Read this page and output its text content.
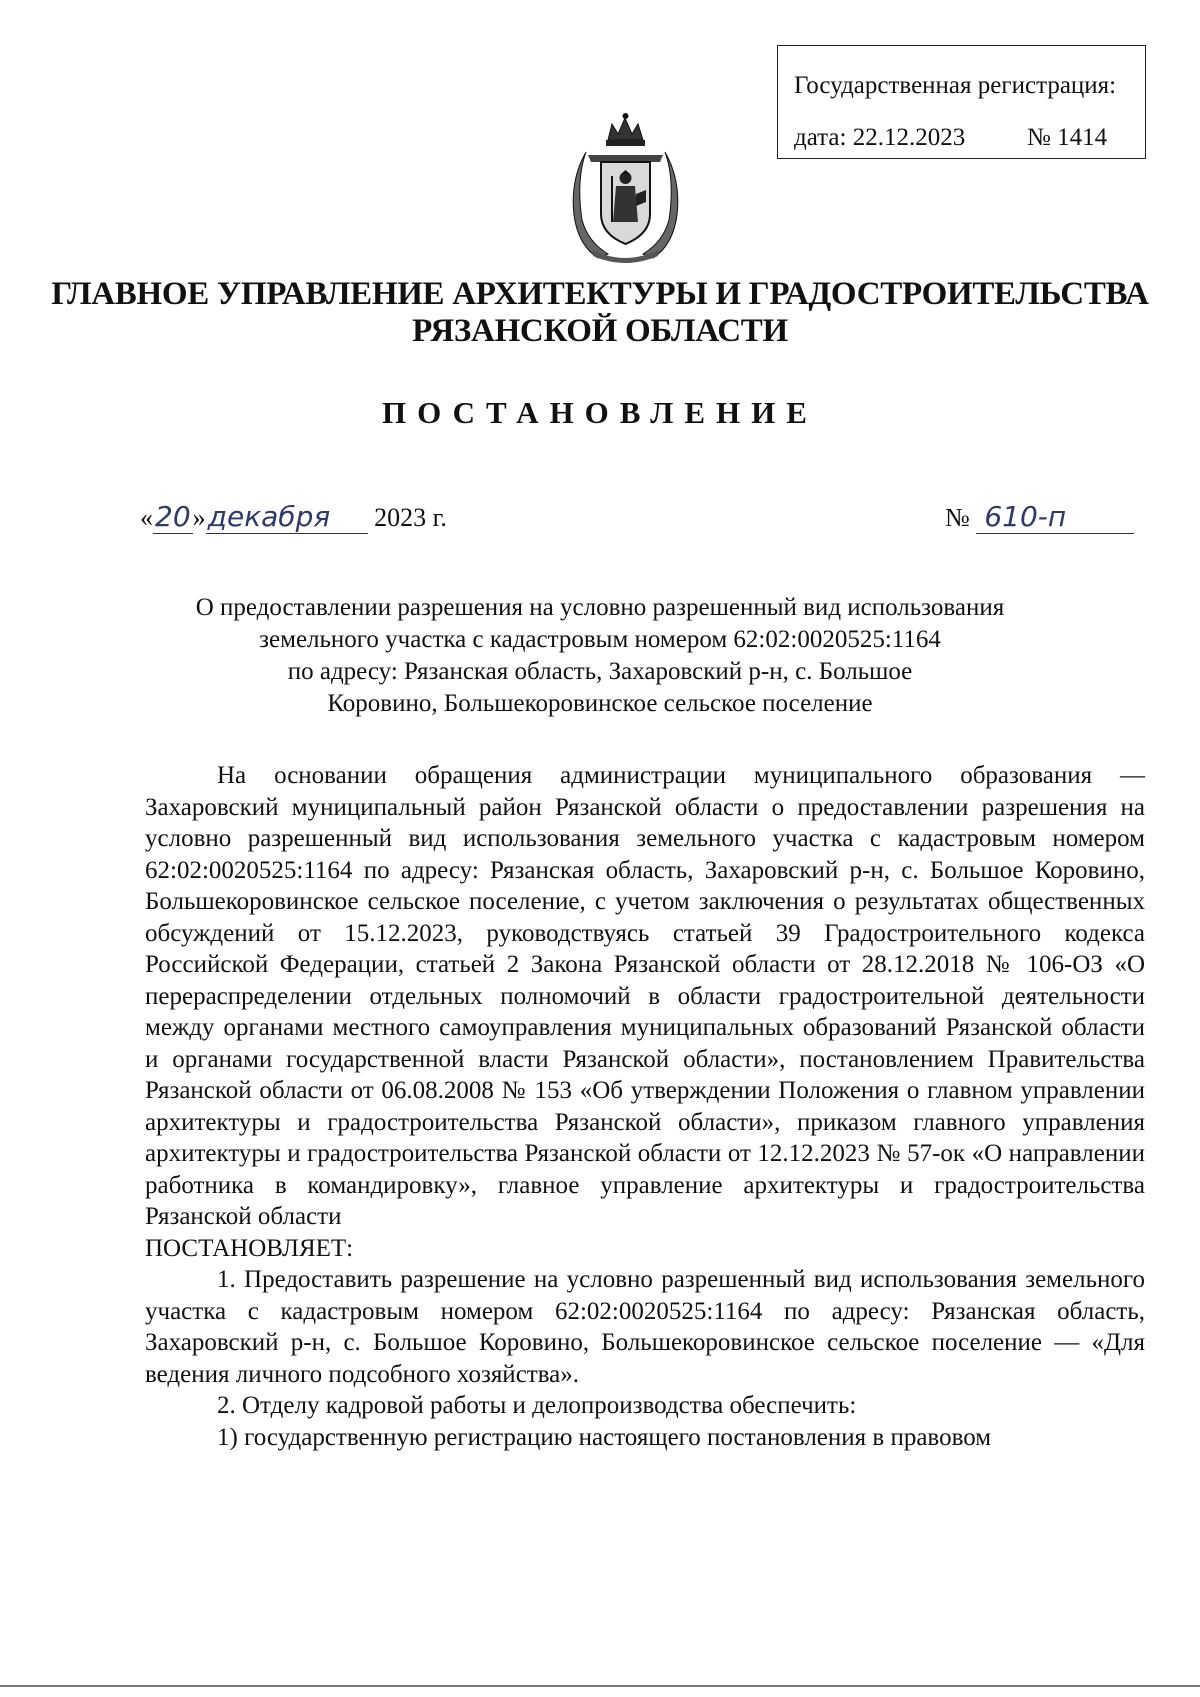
Государственная регистрация:
дата: 22.12.2023 № 1414
ГЛАВНОЕ УПРАВЛЕНИЕ АРХИТЕКТУРЫ И ГРАДОСТРОИТЕЛЬСТВА
РЯЗАНСКОЙ ОБЛАСТИ
ПОСТАНОВЛЕНИЕ
«20»декабря 2023 г.	№ 610-п
О предоставлении разрешения на условно разрешенный вид использования
земельного участка с кадастровым номером 62:02:0020525:1164
по адресу: Рязанская область, Захаровский р-н, с. Большое
Коровино, Большекоровинское сельское поселение

На основании обращения администрации муниципального образования — Захаровский муниципальный район Рязанской области о предоставлении разрешения на условно разрешенный вид использования земельного участка с кадастровым номером 62:02:0020525:1164 по адресу: Рязанская область, Захаровский р-н, с. Большое Коровино, Большекоровинское сельское поселение, с учетом заключения о результатах общественных обсуждений от 15.12.2023, руководствуясь статьей 39 Градостроительного кодекса Российской Федерации, статьей 2 Закона Рязанской области от 28.12.2018 № 106-ОЗ «О перераспределении отдельных полномочий в области градостроительной деятельности между органами местного самоуправления муниципальных образований Рязанской области и органами государственной власти Рязанской области», постановлением Правительства Рязанской области от 06.08.2008 № 153 «Об утверждении Положения о главном управлении архитектуры и градостроительства Рязанской области», приказом главного управления архитектуры и градостроительства Рязанской области от 12.12.2023 № 57-ок «О направлении работника в командировку», главное управление архитектуры и градостроительства Рязанской области

ПОСТАНОВЛЯЕТ:

1. Предоставить разрешение на условно разрешенный вид использования земельного участка с кадастровым номером 62:02:0020525:1164 по адресу: Рязанская область, Захаровский р-н, с. Большое Коровино, Большекоровинское сельское поселение — «Для ведения личного подсобного хозяйства».

2. Отделу кадровой работы и делопроизводства обеспечить:

1) государственную регистрацию настоящего постановления в правовом
